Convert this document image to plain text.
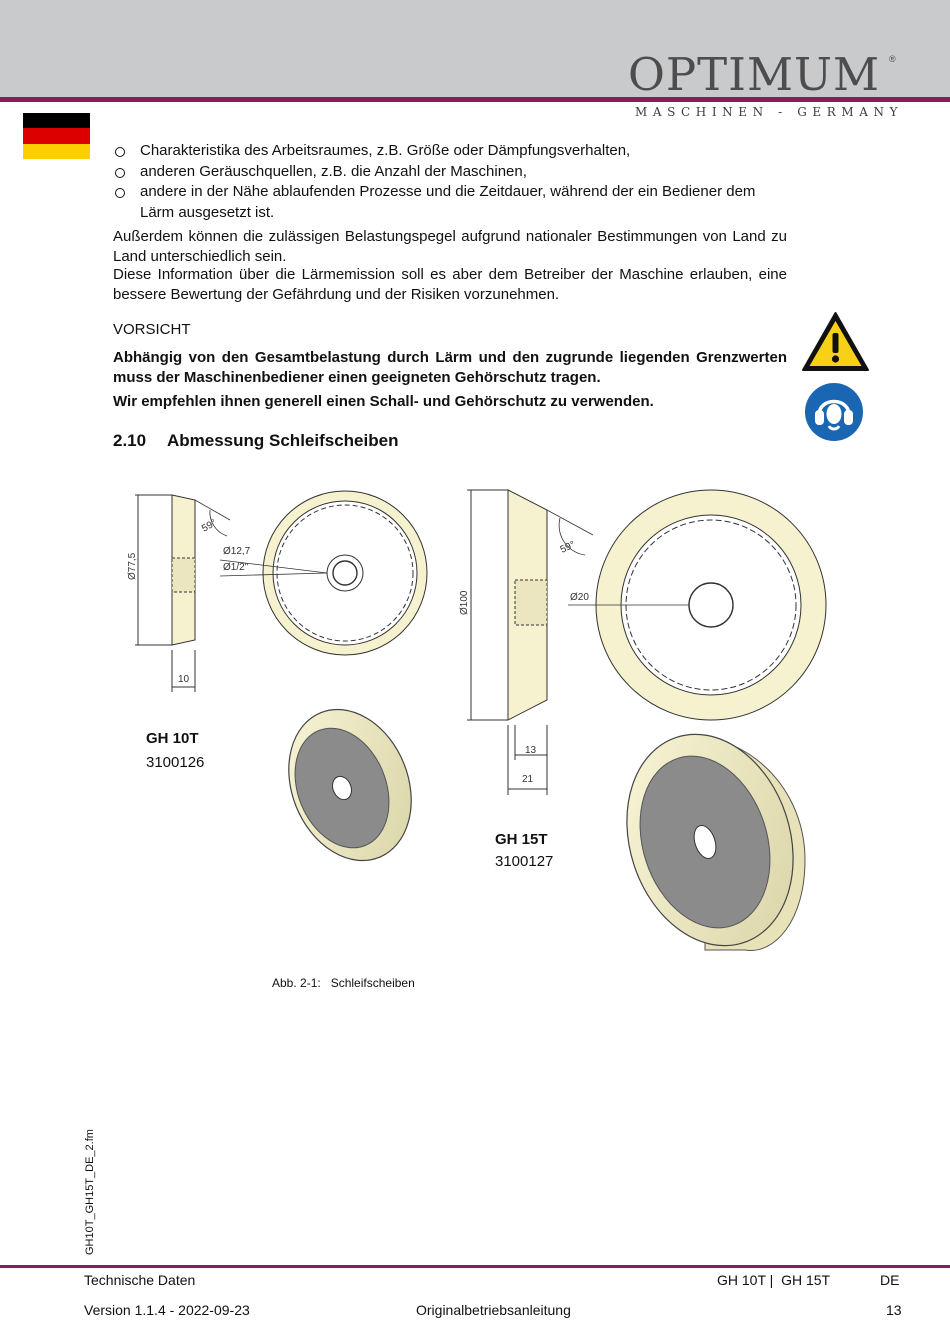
OPTIMUM ®
MASCHINEN - GERMANY
Charakteristika des Arbeitsraumes, z.B. Größe oder Dämpfungsverhalten,
anderen Geräuschquellen, z.B. die Anzahl der Maschinen,
andere in der Nähe ablaufenden Prozesse und die Zeitdauer, während der ein Bediener dem Lärm ausgesetzt ist.

Außerdem können die zulässigen Belastungspegel aufgrund nationaler Bestimmungen von Land zu Land unterschiedlich sein.

Diese Information über die Lärmemission soll es aber dem Betreiber der Maschine erlauben, eine bessere Bewertung der Gefährdung und der Risiken vorzunehmen.

VORSICHT

Abhängig von den Gesamtbelastung durch Lärm und den zugrunde liegenden Grenzwerten muss der Maschinenbediener einen geeigneten Gehörschutz tragen.

Wir empfehlen ihnen generell einen Schall- und Gehörschutz zu verwenden.

2.10 Abmessung Schleifscheiben
Ø77,5
10
59°
Ø12,7
Ø1/2"
Ø100
13
21
59°
Ø20
GH 10T
3100126
GH 15T
3100127
Abb. 2-1: Schleifscheiben
GH10T_GH15T_DE_2.fm
Technische Daten	GH 10T |  GH 15T	DE
Version 1.1.4 - 2022-09-23	Originalbetriebsanleitung	13
